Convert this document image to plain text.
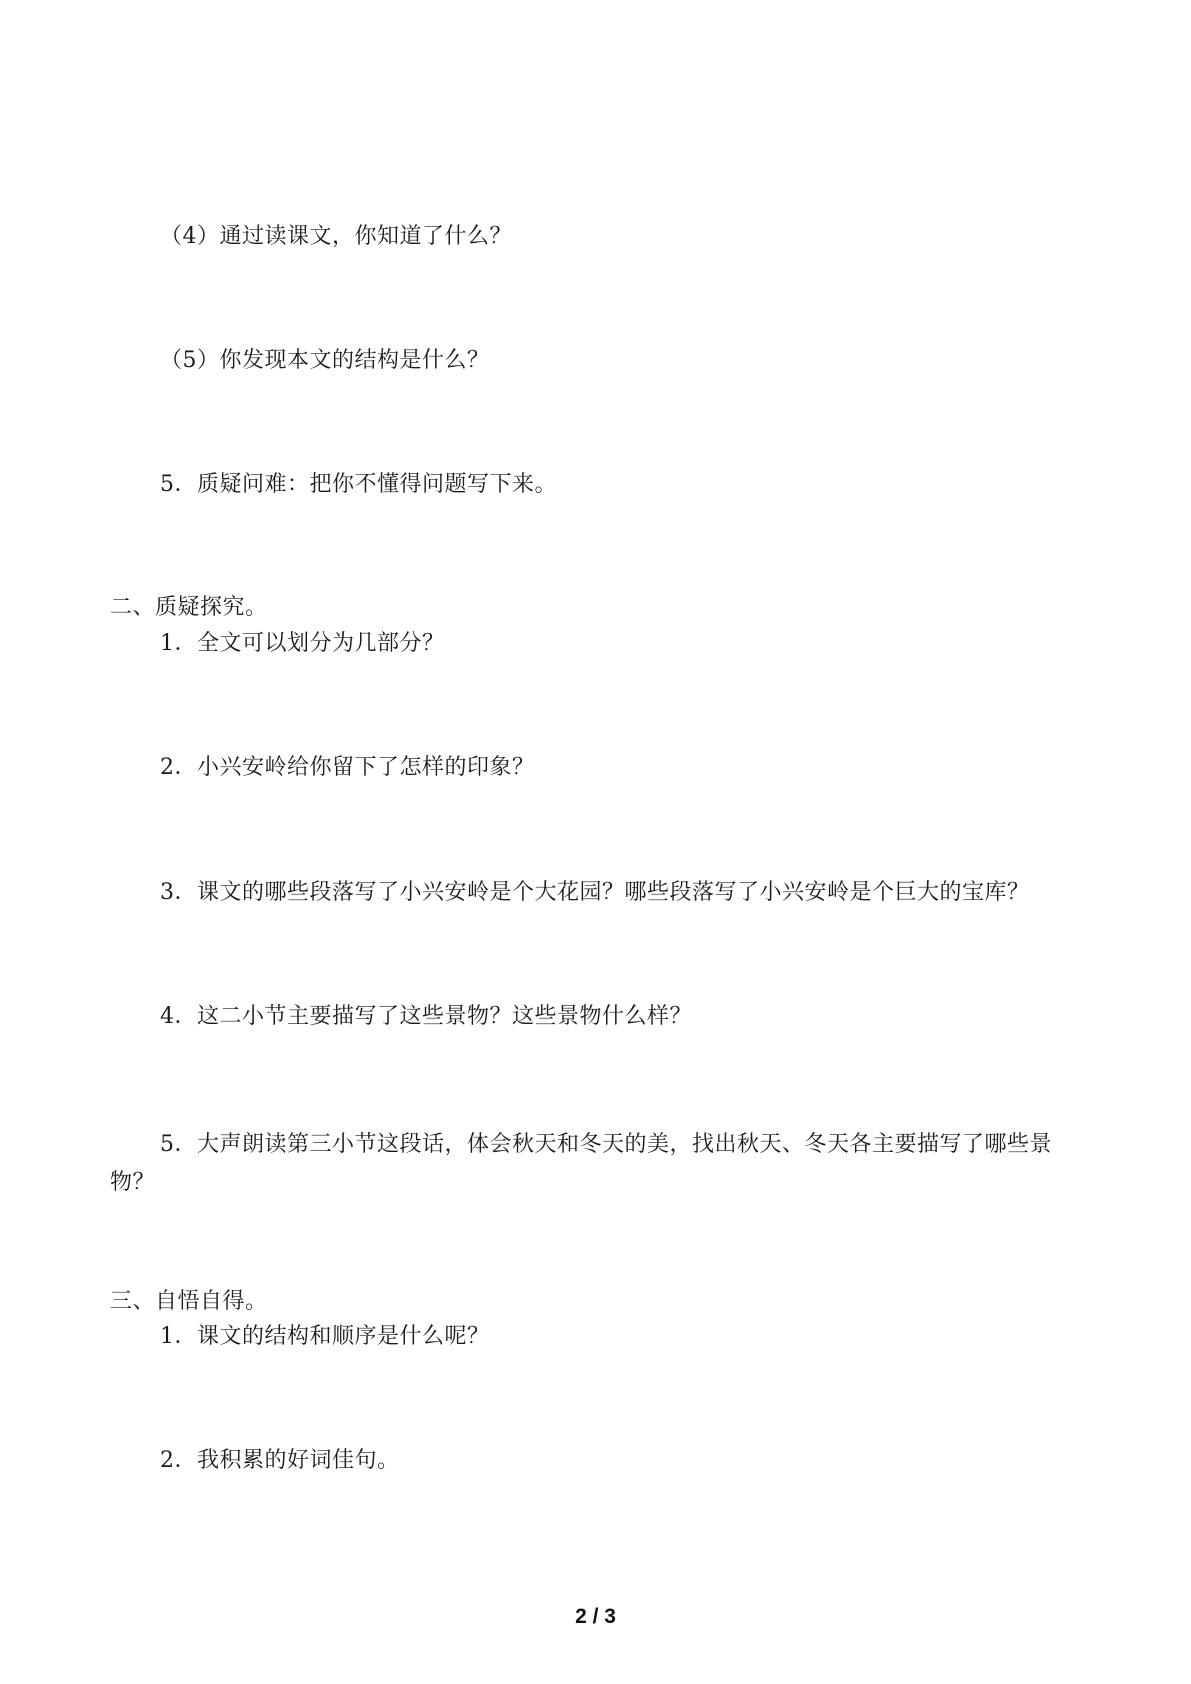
（4）通过读课文，你知道了什么？
（5）你发现本文的结构是什么？
5．质疑问难：把你不懂得问题写下来。
二、质疑探究。
1．全文可以划分为几部分？
2．小兴安岭给你留下了怎样的印象？
3．课文的哪些段落写了小兴安岭是个大花园？哪些段落写了小兴安岭是个巨大的宝库？
4．这二小节主要描写了这些景物？这些景物什么样？
5．大声朗读第三小节这段话，体会秋天和冬天的美，找出秋天、冬天各主要描写了哪些景物？
三、自悟自得。
1．课文的结构和顺序是什么呢？
2．我积累的好词佳句。
2 / 3
